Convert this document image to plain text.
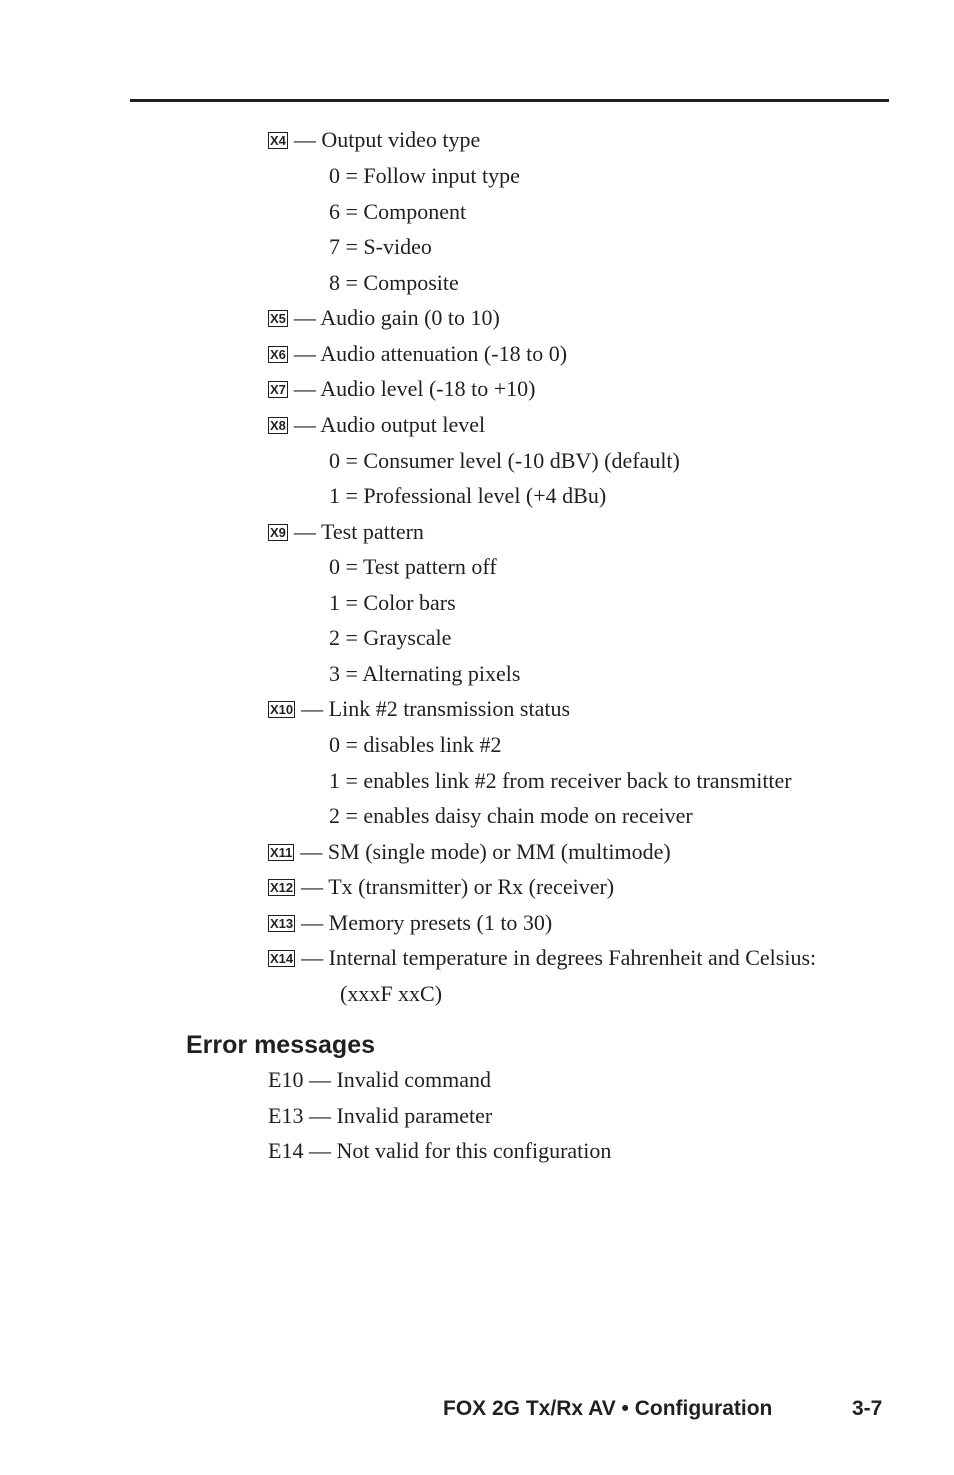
X4 — Output video type
0 = Follow input type
6 = Component
7 = S-video
8 = Composite
X5 — Audio gain (0 to 10)
X6 — Audio attenuation (-18 to 0)
X7 — Audio level (-18 to +10)
X8 — Audio output level
0 = Consumer level (-10 dBV) (default)
1 = Professional level (+4 dBu)
X9 — Test pattern
0 = Test pattern off
1 = Color bars
2 = Grayscale
3 = Alternating pixels
X10 — Link #2 transmission status
0 = disables link #2
1 = enables link #2 from receiver back to transmitter
2 = enables daisy chain mode on receiver
X11 — SM (single mode) or MM (multimode)
X12 — Tx (transmitter) or Rx (receiver)
X13 — Memory presets (1 to 30)
X14 — Internal temperature in degrees Fahrenheit and Celsius:
(xxxF xxC)
Error messages
E10 — Invalid command
E13 — Invalid parameter
E14 — Not valid for this configuration
FOX 2G Tx/Rx AV • Configuration	3-7
